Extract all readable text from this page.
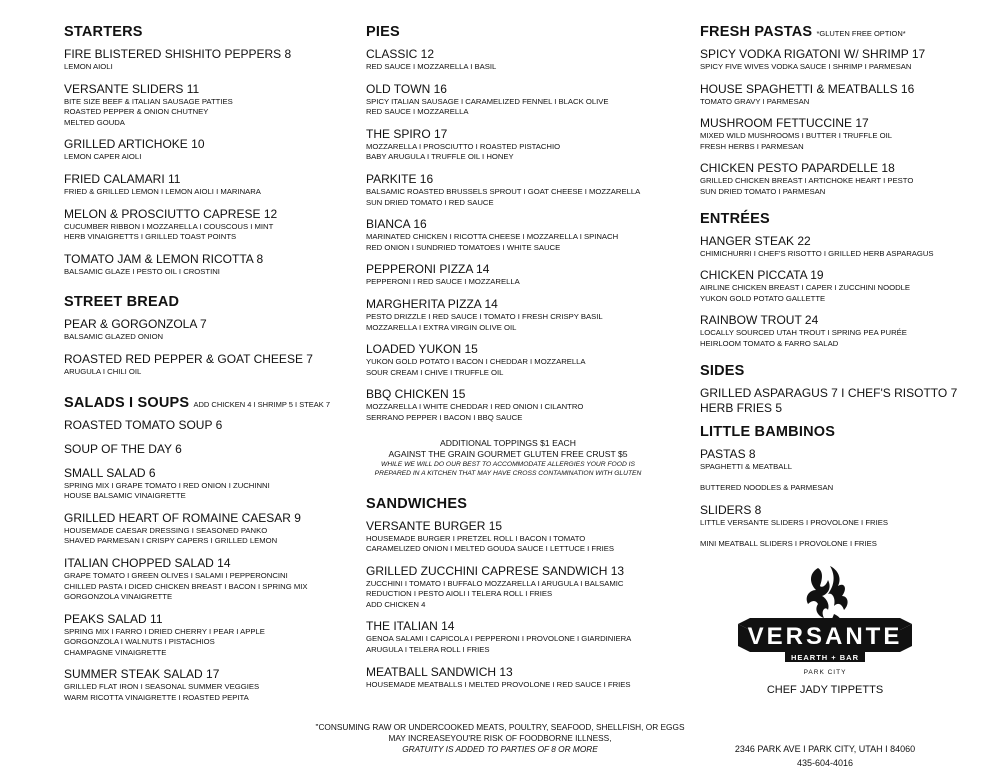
STARTERS
FIRE BLISTERED SHISHITO PEPPERS 8
LEMON AIOLI
VERSANTE SLIDERS 11
BITE SIZE BEEF & ITALIAN SAUSAGE PATTIES
ROASTED PEPPER & ONION CHUTNEY
MELTED GOUDA
GRILLED ARTICHOKE 10
LEMON CAPER AIOLI
FRIED CALAMARI 11
FRIED & GRILLED LEMON I LEMON AIOLI I MARINARA
MELON & PROSCIUTTO CAPRESE 12
CUCUMBER RIBBON I MOZZARELLA I COUSCOUS I MINT
HERB VINAIGRETTS I GRILLED TOAST POINTS
TOMATO JAM & LEMON RICOTTA 8
BALSAMIC GLAZE I PESTO OIL I CROSTINI
STREET BREAD
PEAR & GORGONZOLA 7
BALSAMIC GLAZED ONION
ROASTED RED PEPPER & GOAT CHEESE 7
ARUGULA I CHILI OIL
SALADS I SOUPS ADD CHICKEN 4 I SHRIMP 5 I STEAK 7
ROASTED TOMATO SOUP 6
SOUP OF THE DAY 6
SMALL SALAD 6
SPRING MIX I GRAPE TOMATO I RED ONION I ZUCHINNI
HOUSE BALSAMIC VINAIGRETTE
GRILLED HEART OF ROMAINE CAESAR 9
HOUSEMADE CAESAR DRESSING I SEASONED PANKO
SHAVED PARMESAN I CRISPY CAPERS I GRILLED LEMON
ITALIAN CHOPPED SALAD 14
GRAPE TOMATO I GREEN OLIVES I SALAMI I PEPPERONCINI
CHILLED PASTA I DICED CHICKEN BREAST I BACON I SPRING MIX
GORGONZOLA VINAIGRETTE
PEAKS SALAD 11
SPRING MIX I FARRO I DRIED CHERRY I PEAR I APPLE
GORGONZOLA I WALNUTS I PISTACHIOS
CHAMPAGNE VINAIGRETTE
SUMMER STEAK SALAD 17
GRILLED FLAT IRON I SEASONAL SUMMER VEGGIES
WARM RICOTTA VINAIGRETTE I ROASTED PEPITA
PIES
CLASSIC 12
RED SAUCE I MOZZARELLA I BASIL
OLD TOWN 16
SPICY ITALIAN SAUSAGE I CARAMELIZED FENNEL I BLACK OLIVE
RED SAUCE I MOZZARELLA
THE SPIRO 17
MOZZARELLA I PROSCIUTTO I ROASTED PISTACHIO
BABY ARUGULA I TRUFFLE OIL I HONEY
PARKITE 16
BALSAMIC ROASTED BRUSSELS SPROUT I GOAT CHEESE I MOZZARELLA
SUN DRIED TOMATO I RED SAUCE
BIANCA 16
MARINATED CHICKEN I RICOTTA CHEESE I MOZZARELLA I SPINACH
RED ONION I SUNDRIED TOMATOES I WHITE SAUCE
PEPPERONI PIZZA 14
PEPPERONI I RED SAUCE I MOZZARELLA
MARGHERITA PIZZA 14
PESTO DRIZZLE I RED SAUCE I TOMATO I FRESH CRISPY BASIL
MOZZARELLA I EXTRA VIRGIN OLIVE OIL
LOADED YUKON 15
YUKON GOLD POTATO I BACON I CHEDDAR I MOZZARELLA
SOUR CREAM I CHIVE I TRUFFLE OIL
BBQ CHICKEN 15
MOZZARELLA I WHITE CHEDDAR I RED ONION I CILANTRO
SERRANO PEPPER I BACON I BBQ SAUCE
ADDITIONAL TOPPINGS $1 EACH
AGAINST THE GRAIN GOURMET GLUTEN FREE CRUST $5
WHILE WE WILL DO OUR BEST TO ACCOMMODATE ALLERGIES YOUR FOOD IS
PREPARED IN A KITCHEN THAT MAY HAVE CROSS CONTAMINATION WITH GLUTEN
SANDWICHES
VERSANTE BURGER 15
HOUSEMADE BURGER I PRETZEL ROLL I BACON I TOMATO
CARAMELIZED ONION I MELTED GOUDA SAUCE I LETTUCE I FRIES
GRILLED ZUCCHINI CAPRESE SANDWICH 13
ZUCCHINI I TOMATO I BUFFALO MOZZARELLA I ARUGULA I BALSAMIC
REDUCTION I PESTO AIOLI I TELERA ROLL I FRIES
ADD CHICKEN 4
THE ITALIAN 14
GENOA SALAMI I CAPICOLA I PEPPERONI I PROVOLONE I GIARDINIERA
ARUGULA I TELERA ROLL I FRIES
MEATBALL SANDWICH 13
HOUSEMADE MEATBALLS I MELTED PROVOLONE I RED SAUCE I FRIES
FRESH PASTAS *GLUTEN FREE OPTION*
SPICY VODKA RIGATONI W/ SHRIMP 17
SPICY FIVE WIVES VODKA SAUCE I SHRIMP I PARMESAN
HOUSE SPAGHETTI & MEATBALLS 16
TOMATO GRAVY I PARMESAN
MUSHROOM FETTUCCINE 17
MIXED WILD MUSHROOMS I BUTTER I TRUFFLE OIL
FRESH HERBS I PARMESAN
CHICKEN PESTO PAPARDELLE 18
GRILLED CHICKEN BREAST I ARTICHOKE HEART I PESTO
SUN DRIED TOMATO I PARMESAN
ENTRÉES
HANGER STEAK 22
CHIMICHURRI I CHEF'S RISOTTO I GRILLED HERB ASPARAGUS
CHICKEN PICCATA 19
AIRLINE CHICKEN BREAST I CAPER I ZUCCHINI NOODLE
YUKON GOLD POTATO GALLETTE
RAINBOW TROUT 24
LOCALLY SOURCED UTAH TROUT I SPRING PEA PURÉE
HEIRLOOM TOMATO & FARRO SALAD
SIDES
GRILLED ASPARAGUS 7 I CHEF'S RISOTTO 7
HERB FRIES 5
LITTLE BAMBINOS
PASTAS 8
SPAGHETTI & MEATBALL
BUTTERED NOODLES & PARMESAN
SLIDERS 8
LITTLE VERSANTE SLIDERS I PROVOLONE I FRIES
MINI MEATBALL SLIDERS I PROVOLONE I FRIES
VERSANTE
HEARTH + BAR
PARK CITY
CHEF JADY TIPPETTS
"CONSUMING RAW OR UNDERCOOKED MEATS, POULTRY, SEAFOOD, SHELLFISH, OR EGGS
MAY INCREASEYOU'RE RISK OF FOODBORNE ILLNESS,
GRATUITY IS ADDED TO PARTIES OF 8 OR MORE	2346 PARK AVE I PARK CITY, UTAH I 84060
435-604-4016
